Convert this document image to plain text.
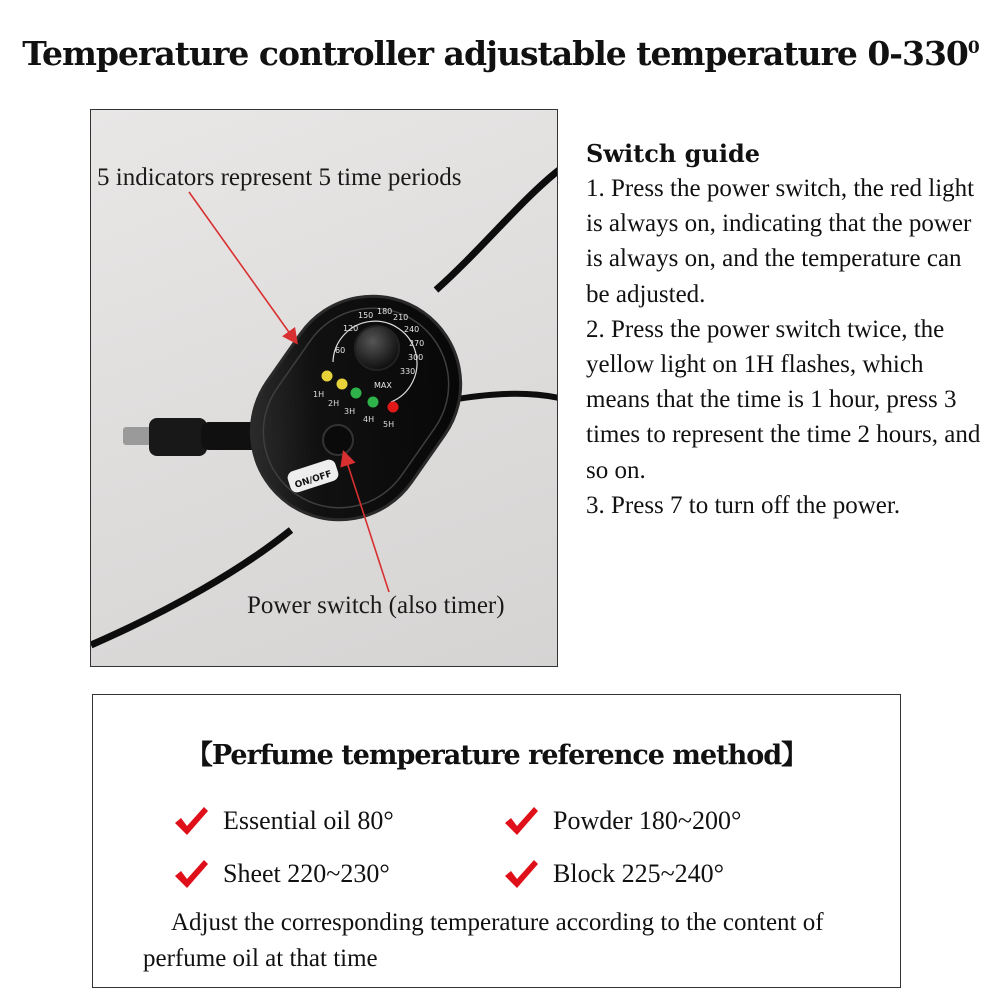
Temperature controller adjustable temperature $0-330^0$
60
120
150 180
210
240
270
300
330
MAX
1H
2H
3H
4H
5H
ON/OFF
5 indicators represent 5 time periods
Power switch (also timer)
Switch guide

1. Press the power switch, the red light is always on, indicating that the power is always on, and the temperature can be adjusted.

2. Press the power switch twice, the yellow light on 1H flashes, which means that the time is 1 hour, press 3 times to represent the time 2 hours, and so on.

3. Press 7 to turn off the power.

【Perfume temperature reference method】
Essential oil 80°	Powder 180~200°
Sheet 220~230°	Block 225~240°
Adjust the corresponding temperature according to the content of perfume oil at that time
